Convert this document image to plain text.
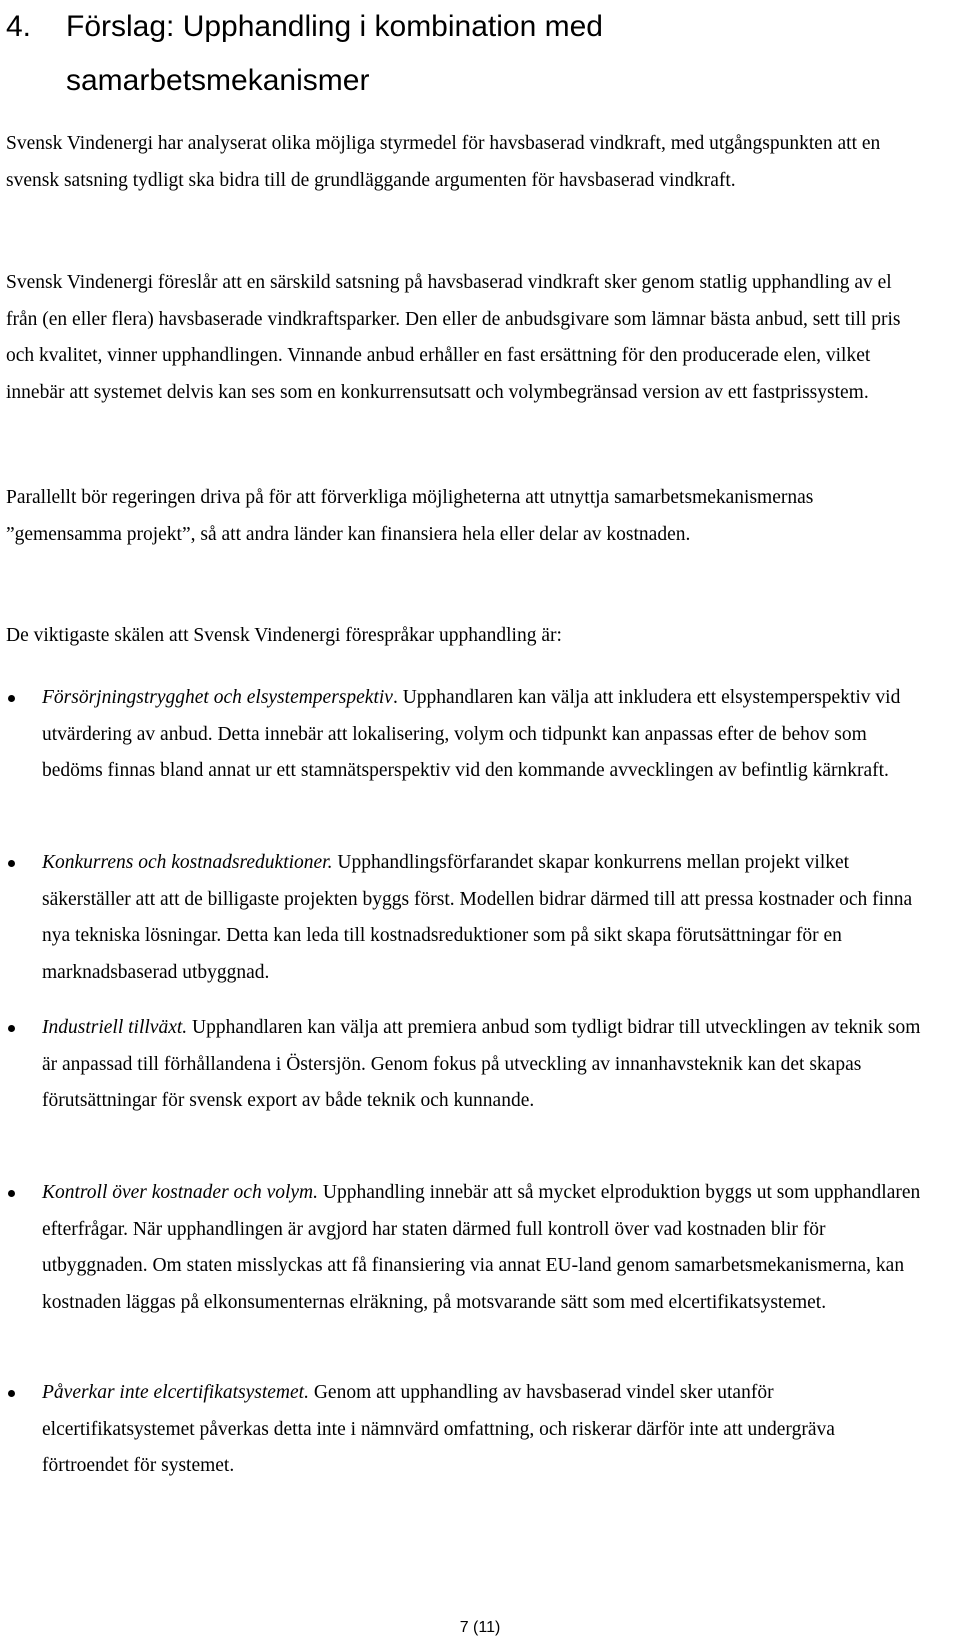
4. Förslag: Upphandling i kombination med samarbetsmekanismer

Svensk Vindenergi har analyserat olika möjliga styrmedel för havsbaserad vindkraft, med utgångspunkten att en svensk satsning tydligt ska bidra till de grundläggande argumenten för havsbaserad vindkraft.

Svensk Vindenergi föreslår att en särskild satsning på havsbaserad vindkraft sker genom statlig upphandling av el från (en eller flera) havsbaserade vindkraftsparker. Den eller de anbudsgivare som lämnar bästa anbud, sett till pris och kvalitet, vinner upphandlingen. Vinnande anbud erhåller en fast ersättning för den producerade elen, vilket innebär att systemet delvis kan ses som en konkurrensutsatt och volymbegränsad version av ett fastprissystem.

Parallellt bör regeringen driva på för att förverkliga möjligheterna att utnyttja samarbetsmekanismernas ”gemensamma projekt”, så att andra länder kan finansiera hela eller delar av kostnaden.

De viktigaste skälen att Svensk Vindenergi förespråkar upphandling är:

Försörjningstrygghet och elsystemperspektiv. Upphandlaren kan välja att inkludera ett elsystemperspektiv vid utvärdering av anbud. Detta innebär att lokalisering, volym och tidpunkt kan anpassas efter de behov som bedöms finnas bland annat ur ett stamnätsperspektiv vid den kommande avvecklingen av befintlig kärnkraft.
Konkurrens och kostnadsreduktioner. Upphandlingsförfarandet skapar konkurrens mellan projekt vilket säkerställer att att de billigaste projekten byggs först. Modellen bidrar därmed till att pressa kostnader och finna nya tekniska lösningar. Detta kan leda till kostnadsreduktioner som på sikt skapa förutsättningar för en marknadsbaserad utbyggnad.
Industriell tillväxt. Upphandlaren kan välja att premiera anbud som tydligt bidrar till utvecklingen av teknik som är anpassad till förhållandena i Östersjön. Genom fokus på utveckling av innanhavsteknik kan det skapas förutsättningar för svensk export av både teknik och kunnande.
Kontroll över kostnader och volym. Upphandling innebär att så mycket elproduktion byggs ut som upphandlaren efterfrågar. När upphandlingen är avgjord har staten därmed full kontroll över vad kostnaden blir för utbyggnaden. Om staten misslyckas att få finansiering via annat EU-land genom samarbetsmekanismerna, kan kostnaden läggas på elkonsumenternas elräkning, på motsvarande sätt som med elcertifikatsystemet.
Påverkar inte elcertifikatsystemet. Genom att upphandling av havsbaserad vindel sker utanför elcertifikatsystemet påverkas detta inte i nämnvärd omfattning, och riskerar därför inte att undergräva förtroendet för systemet.

7 (11)
